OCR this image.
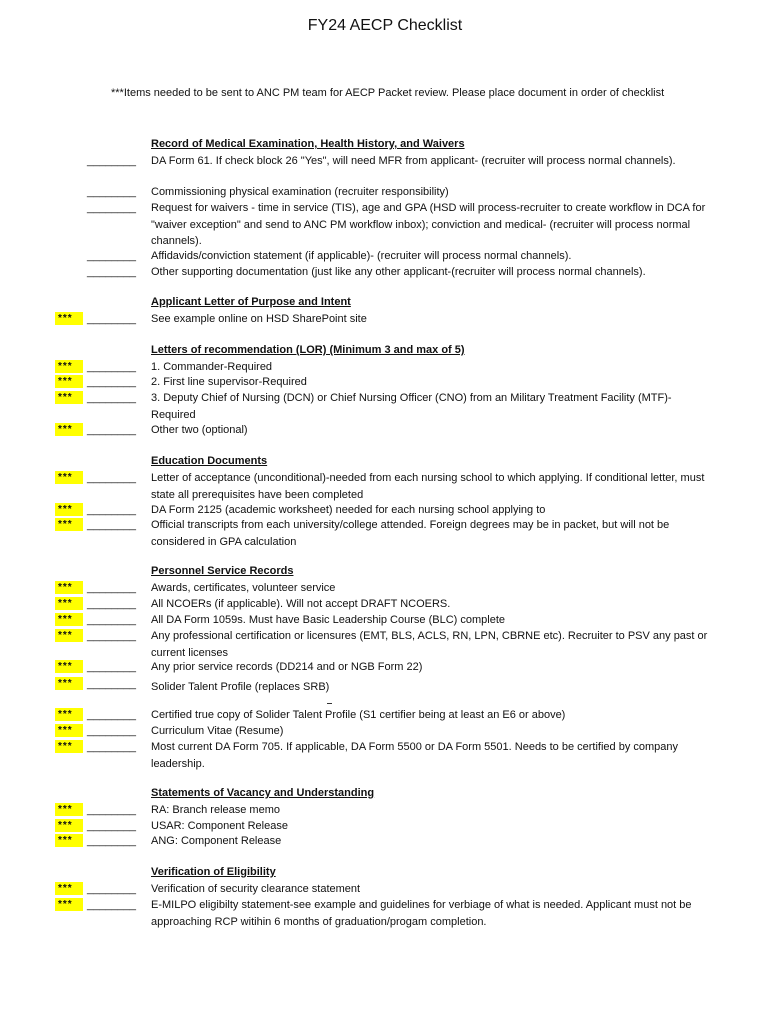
FY24 AECP Checklist
***Items needed to be sent to ANC PM team for AECP Packet review. Please place document in order of checklist
Record of Medical Examination, Health History, and Waivers
Applicant Letter of Purpose and Intent
Letters of recommendation (LOR) (Minimum 3 and max of 5)
Education Documents
Personnel Service Records
Statements of Vacancy and Understanding
Verification of Eligibility
________ DA Form 61. If check block 26 "Yes", will need MFR from applicant- (recruiter will process normal channels).
________ Commissioning physical examination (recruiter responsibility)
________ Request for waivers - time in service (TIS), age and GPA (HSD will process-recruiter to create workflow in DCA for "waiver exception" and send to ANC PM workflow inbox); conviction and medical- (recruiter will process normal channels).
________ Affidavids/conviction statement (if applicable)- (recruiter will process normal channels).
________ Other supporting documentation (just like any other applicant-(recruiter will process normal channels).
***	________ See example online on HSD SharePoint site
***	________ 1. Commander-Required
***	________ 2. First line supervisor-Required
***	________ 3. Deputy Chief of Nursing (DCN) or Chief Nursing Officer (CNO) from an Military Treatment Facility (MTF)-Required
***	________ Other two (optional)
***	________ Letter of acceptance (unconditional)-needed from each nursing school to which applying. If conditional letter, must state all prerequisites have been completed
***	________ DA Form 2125 (academic worksheet) needed for each nursing school applying to
***	________ Official transcripts from each university/college attended. Foreign degrees may be in packet, but will not be considered in GPA calculation
***	________ Awards, certificates, volunteer service
***	________ All NCOERs (if applicable). Will not accept DRAFT NCOERS.
***	________ All DA Form 1059s. Must have Basic Leadership Course (BLC) complete
***	________ Any professional certification or licensures (EMT, BLS, ACLS, RN, LPN, CBRNE etc). Recruiter to PSV any past or current licenses
***	________ Any prior service records (DD214 and or NGB Form 22)
***	________ Solider Talent Profile (replaces SRB)
***	________ Certified true copy of Solider Talent Profile (S1 certifier being at least an E6 or above)
***	________ Curriculum Vitae (Resume)
***	________ Most current DA Form 705. If applicable, DA Form 5500 or DA Form 5501. Needs to be certified by company leadership.
***	________ RA: Branch release memo
***	________ USAR: Component Release
***	________ ANG: Component Release
***	________ Verification of security clearance statement
***	________ E-MILPO eligibilty statement-see example and guidelines for verbiage of what is needed. Applicant must not be approaching RCP witihin 6 months of graduation/progam completion.
